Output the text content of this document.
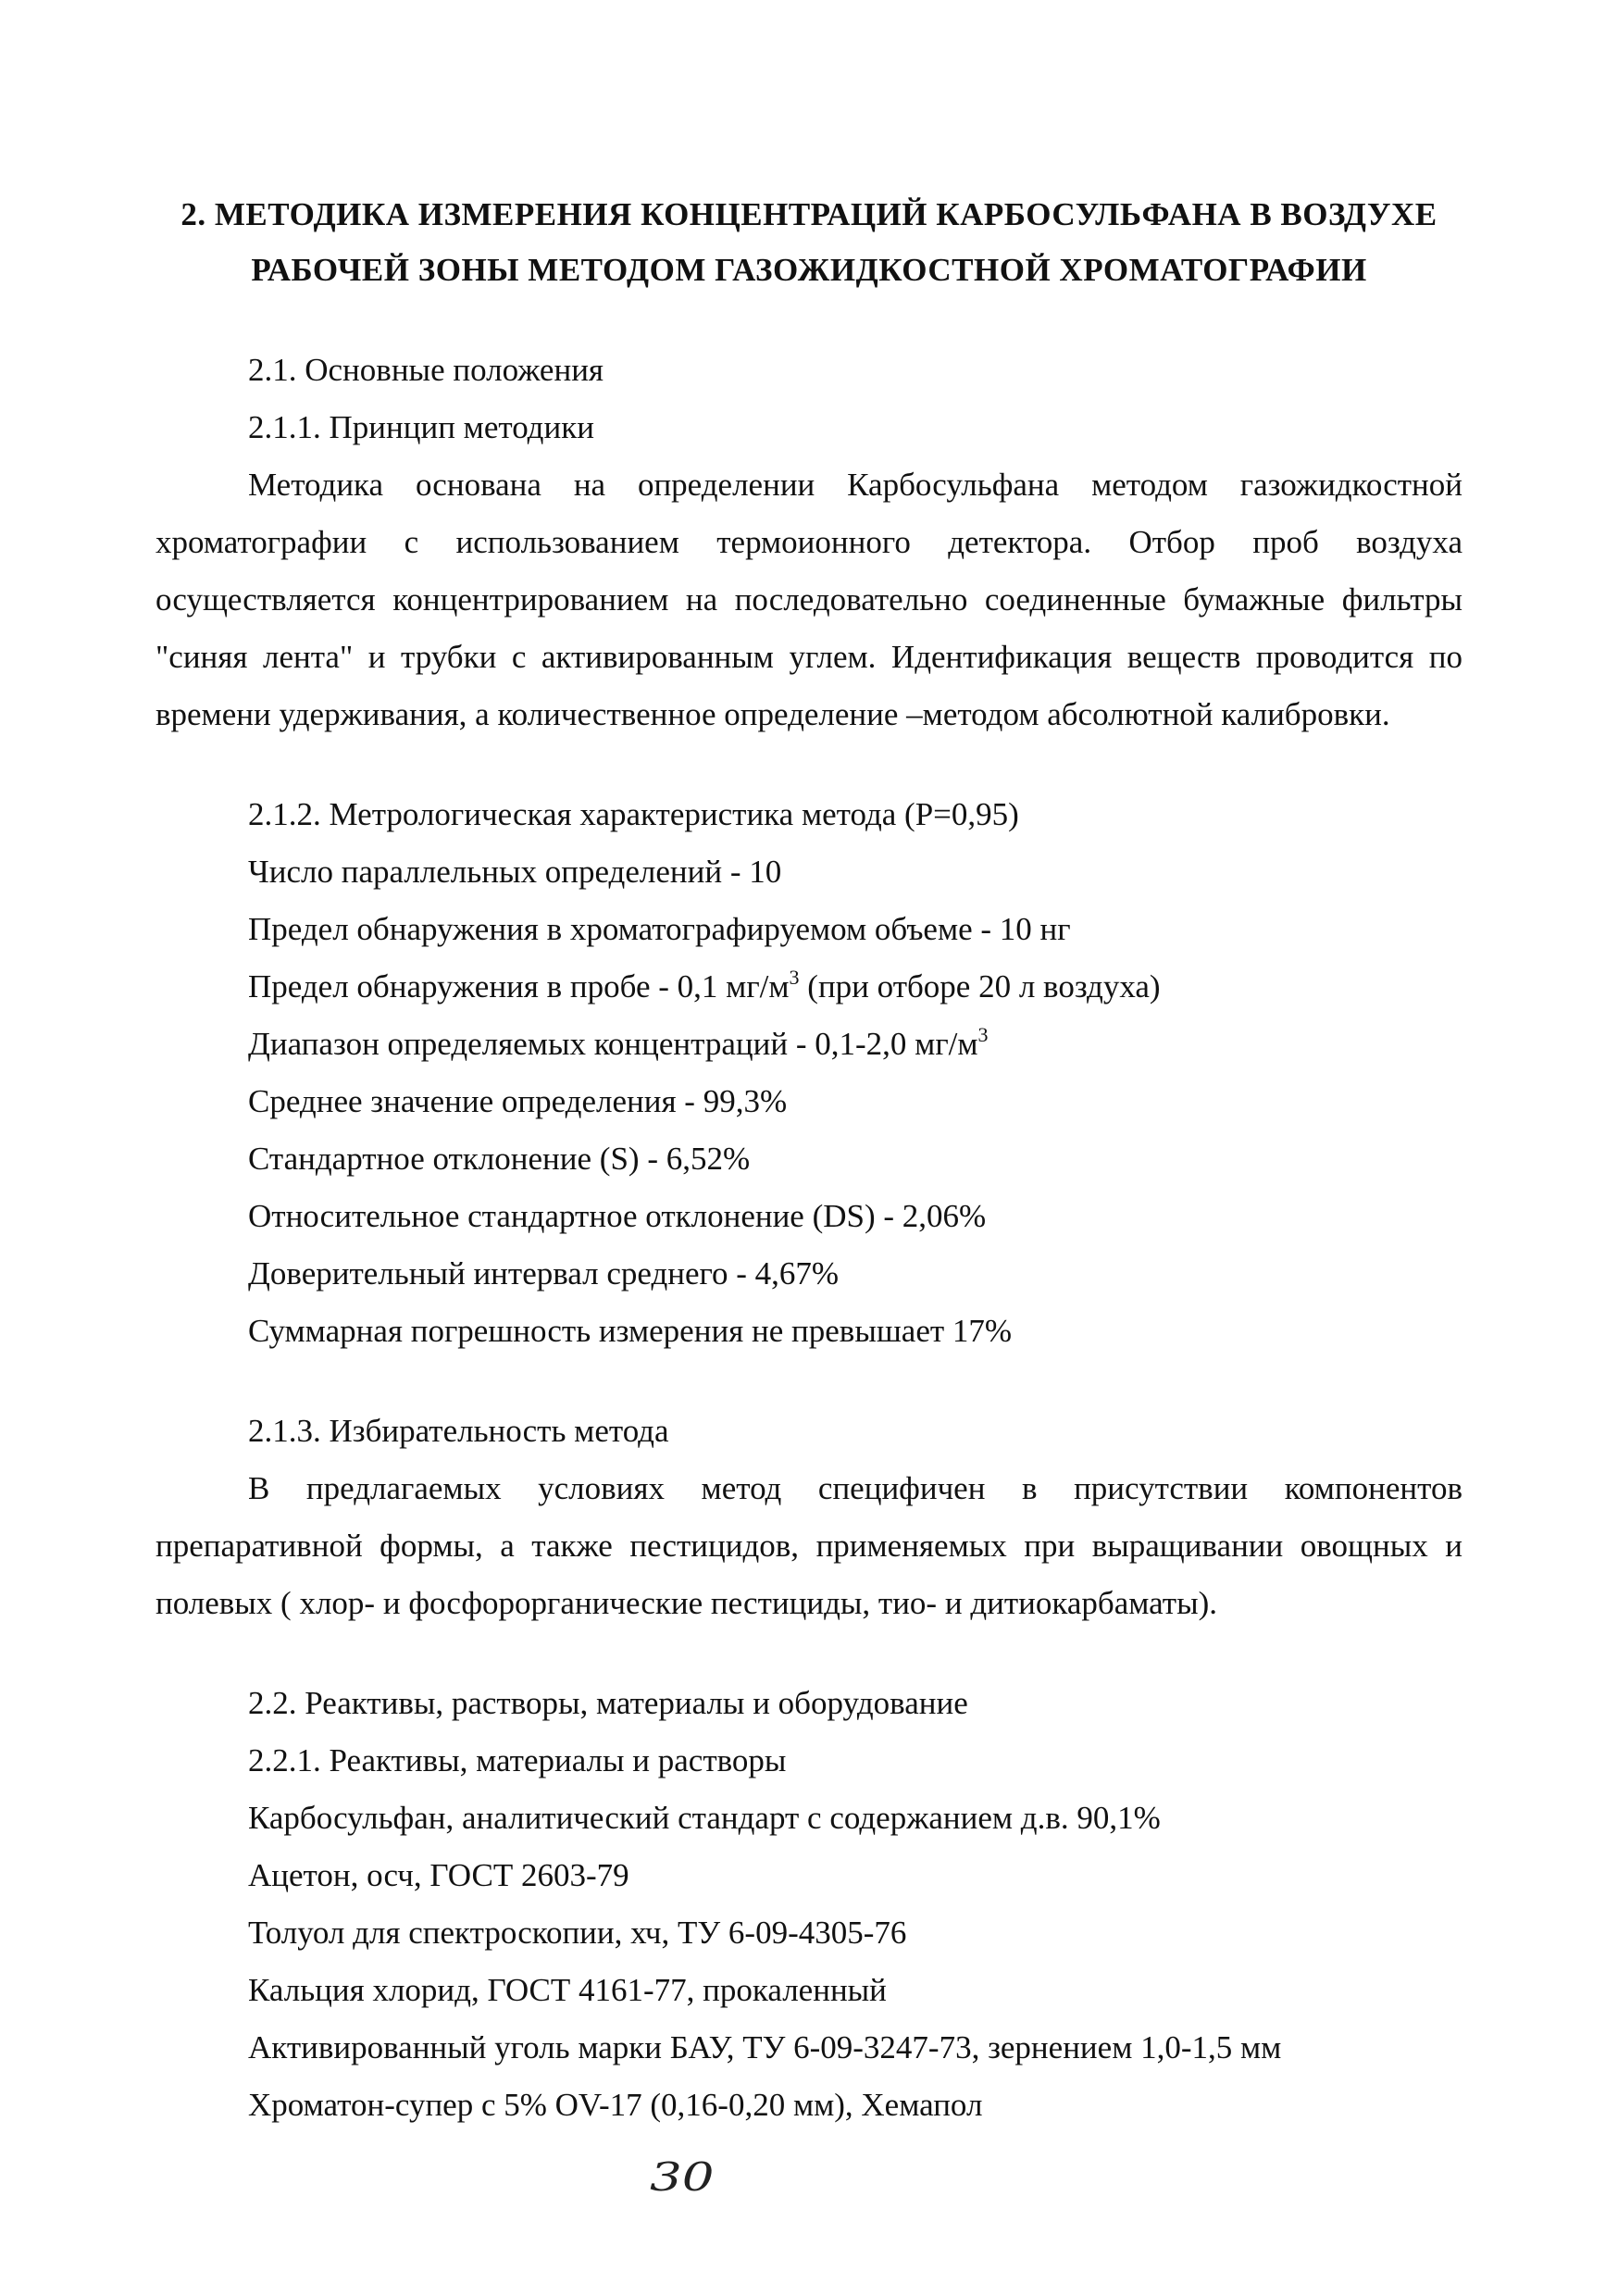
2. МЕТОДИКА ИЗМЕРЕНИЯ КОНЦЕНТРАЦИЙ КАРБОСУЛЬФАНА В ВОЗДУХЕ
РАБОЧЕЙ ЗОНЫ МЕТОДОМ ГАЗОЖИДКОСТНОЙ ХРОМАТОГРАФИИ
2.1. Основные положения
2.1.1. Принцип методики
Методика основана на определении Карбосульфана методом газожидкостной
хроматографии с использованием термоионного детектора. Отбор проб воздуха
осуществляется концентрированием на последовательно соединенные бумажные фильтры
"синяя лента" и трубки с активированным углем. Идентификация веществ проводится по
времени удерживания, а количественное определение –методом абсолютной калибровки.
2.1.2. Метрологическая характеристика метода (Р=0,95)
Число параллельных определений - 10
Предел обнаружения в хроматографируемом объеме - 10 нг
Предел обнаружения в пробе - 0,1 $мг/м^3$ (при отборе 20 л воздуха)
Диапазон определяемых концентраций - 0,1-2,0 $мг/м^3$
Среднее значение определения - 99,3%
Стандартное отклонение (S) - 6,52%
Относительное стандартное отклонение (DS) - 2,06%
Доверительный интервал среднего - 4,67%
Суммарная погрешность измерения не превышает 17%
2.1.3. Избирательность метода
В предлагаемых условиях метод специфичен в присутствии компонентов
препаративной формы, а также пестицидов, применяемых при выращивании овощных и
полевых ( хлор- и фосфорорганические пестициды, тио- и дитиокарбаматы).
2.2. Реактивы, растворы, материалы и оборудование
2.2.1. Реактивы, материалы и растворы
Карбосульфан, аналитический стандарт с содержанием д.в. 90,1%
Ацетон, осч, ГОСТ 2603-79
Толуол для спектроскопии, хч, ТУ 6-09-4305-76
Кальция хлорид, ГОСТ 4161-77, прокаленный
Активированный уголь марки БАУ, ТУ 6-09-3247-73, зернением 1,0-1,5 мм
Хроматон-супер с 5% OV-17 (0,16-0,20 мм), Хемапол
30
